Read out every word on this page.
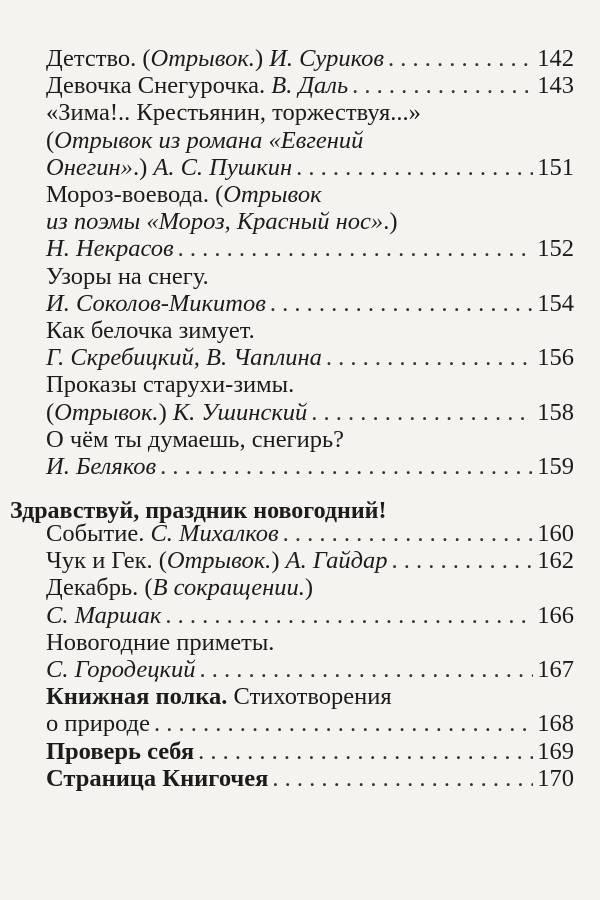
Детство. (Отрывок.) И. Суриков . . .	142
Девочка Снегурочка. В. Даль . . .	143
«Зима!.. Крестьянин, торжествуя...»
(Отрывок из романа «Евгений
Онегин».) А. С. Пушкин . . .	151
Мороз-воевода. (Отрывок
из поэмы «Мороз, Красный нос».)
Н. Некрасов . . .	152
Узоры на снегу.
И. Соколов-Микитов . . .	154
Как белочка зимует.
Г. Скребицкий, В. Чаплина . . .	156
Проказы старухи-зимы.
(Отрывок.) К. Ушинский . . .	158
О чём ты думаешь, снегирь?
И. Беляков . . .	159
Здравствуй, праздник новогодний!
Событие. С. Михалков . . .	160
Чук и Гек. (Отрывок.) А. Гайдар . . .	162
Декабрь. (В сокращении.)
С. Маршак . . .	166
Новогодние приметы.
С. Городецкий . . .	167
Книжная полка. Стихотворения
о природе . . .	168
Проверь себя . . .	169
Страница Книгочея . . .	170
